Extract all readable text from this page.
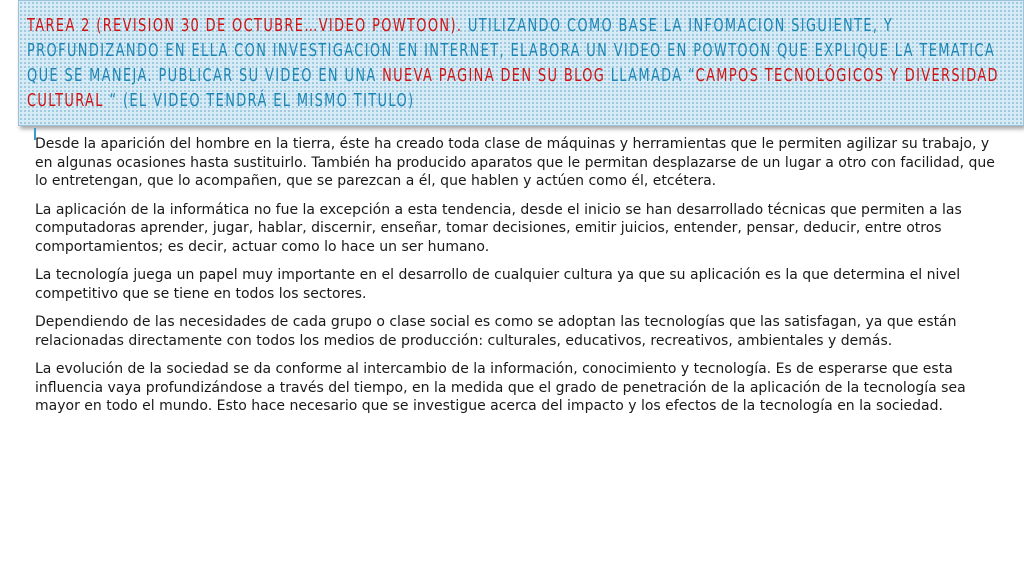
TAREA 2 (REVISION 30 DE OCTUBRE…VIDEO POWTOON). UTILIZANDO COMO BASE LA INFOMACION SIGUIENTE, Y PROFUNDIZANDO EN ELLA CON INVESTIGACION EN INTERNET, ELABORA UN VIDEO EN POWTOON QUE EXPLIQUE LA TEMATICA QUE SE MANEJA. PUBLICAR SU VIDEO EN UNA NUEVA PAGINA DEN SU BLOG LLAMADA “CAMPOS TECNOLÓGICOS Y DIVERSIDAD CULTURAL “ (EL VIDEO TENDRÁ EL MISMO TITULO)

Desde la aparición del hombre en la tierra, éste ha creado toda clase de máquinas y herramientas que le permiten agilizar su trabajo, y en algunas ocasiones hasta sustituirlo. También ha producido aparatos que le permitan desplazarse de un lugar a otro con facilidad, que lo entretengan, que lo acompañen, que se parezcan a él, que hablen y actúen como él, etcétera.

La aplicación de la informática no fue la excepción a esta tendencia, desde el inicio se han desarrollado técnicas que permiten a las computadoras aprender, jugar, hablar, discernir, enseñar, tomar decisiones, emitir juicios, entender, pensar, deducir, entre otros comportamientos; es decir, actuar como lo hace un ser humano.

La tecnología juega un papel muy importante en el desarrollo de cualquier cultura ya que su aplicación es la que determina el nivel competitivo que se tiene en todos los sectores.

Dependiendo de las necesidades de cada grupo o clase social es como se adoptan las tecnologías que las satisfagan, ya que están relacionadas directamente con todos los medios de producción: culturales, educativos, recreativos, ambientales y demás.

La evolución de la sociedad se da conforme al intercambio de la información, conocimiento y tecnología. Es de esperarse que esta influencia vaya profundizándose a través del tiempo, en la medida que el grado de penetración de la aplicación de la tecnología sea mayor en todo el mundo. Esto hace necesario que se investigue acerca del impacto y los efectos de la tecnología en la sociedad.
